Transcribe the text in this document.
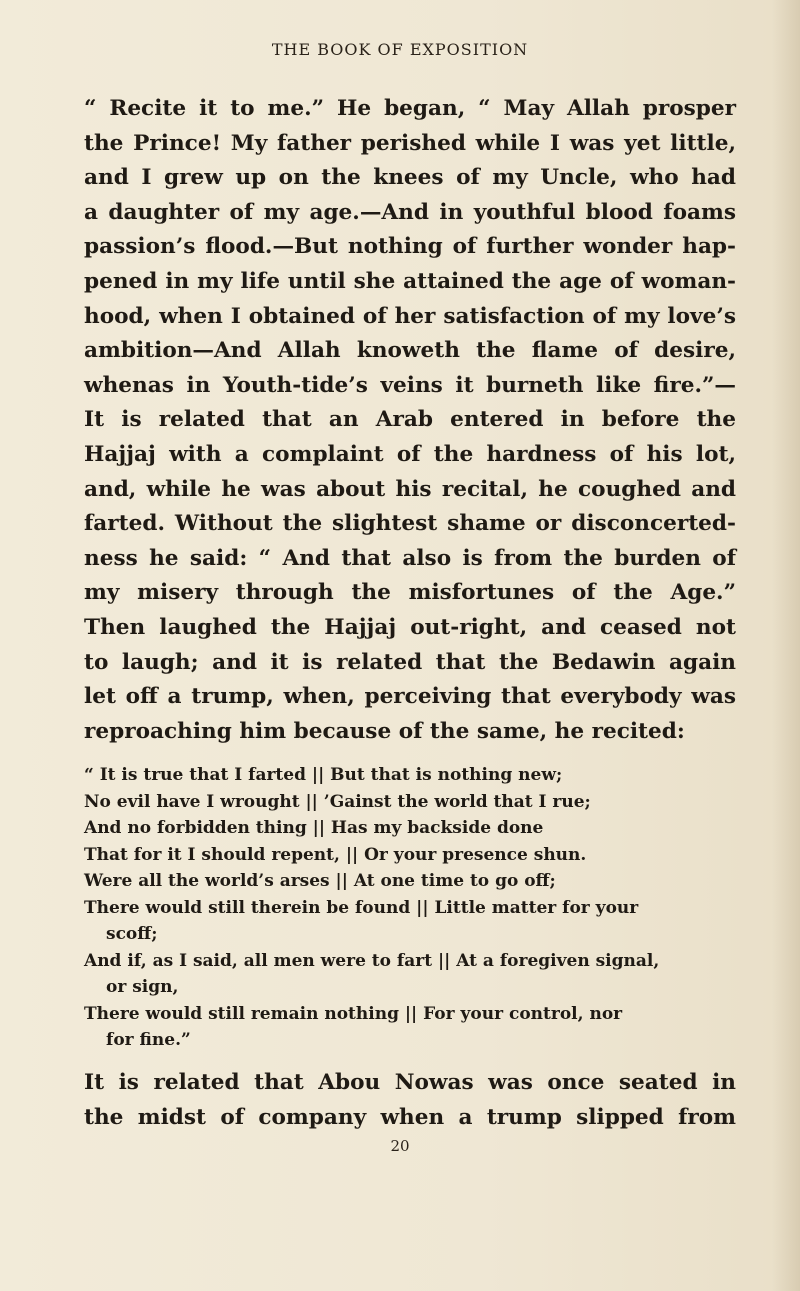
THE BOOK OF EXPOSITION
“ Recite it to me.” He began, “ May Allah prosper
the Prince! My father perished while I was yet little,
and I grew up on the knees of my Uncle, who had
a daughter of my age.—And in youthful blood foams
passion’s flood.—But nothing of further wonder hap-
pened in my life until she attained the age of woman-
hood, when I obtained of her satisfaction of my love’s
ambition—And Allah knoweth the flame of desire,
whenas in Youth-tide’s veins it burneth like fire.”—
It is related that an Arab entered in before the
Hajjaj with a complaint of the hardness of his lot,
and, while he was about his recital, he coughed and
farted. Without the slightest shame or disconcerted-
ness he said: “ And that also is from the burden of
my misery through the misfortunes of the Age.”
Then laughed the Hajjaj out-right, and ceased not
to laugh; and it is related that the Bedawin again
let off a trump, when, perceiving that everybody was
reproaching him because of the same, he recited:
“ It is true that I farted || But that is nothing new;
No evil have I wrought || ’Gainst the world that I rue;
And no forbidden thing || Has my backside done
That for it I should repent, || Or your presence shun.
Were all the world’s arses || At one time to go off;
There would still therein be found || Little matter for your
scoff;
And if, as I said, all men were to fart || At a foregiven signal,
or sign,
There would still remain nothing || For your control, nor
for fine.”
It is related that Abou Nowas was once seated in
the midst of company when a trump slipped from
20
